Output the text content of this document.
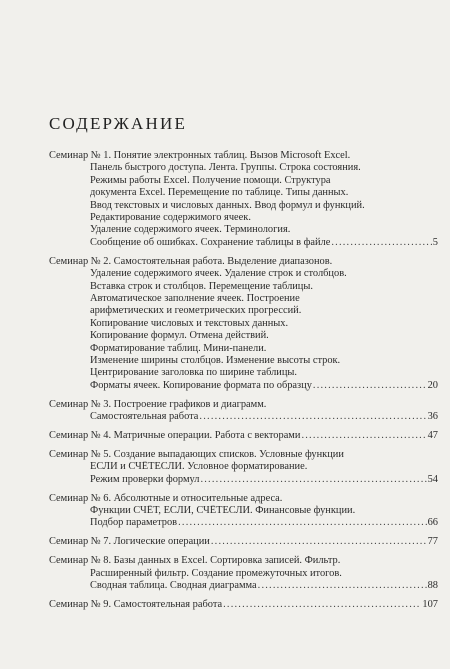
СОДЕРЖАНИЕ
Семинар № 1. Понятие электронных таблиц. Вызов Microsoft Excel.
Панель быстрого доступа. Лента. Группы. Строка состояния.
Режимы работы Excel. Получение помощи. Структура
документа Excel. Перемещение по таблице. Типы данных.
Ввод текстовых и числовых данных. Ввод формул и функций.
Редактирование содержимого ячеек.
Удаление содержимого ячеек. Терминология.
Сообщение об ошибках. Сохранение таблицы в файле .....	5
Семинар № 2. Самостоятельная работа. Выделение диапазонов.
Удаление содержимого ячеек. Удаление строк и столбцов.
Вставка строк и столбцов. Перемещение таблицы.
Автоматическое заполнение ячеек. Построение
арифметических и геометрических прогрессий.
Копирование числовых и текстовых данных.
Копирование формул. Отмена действий.
Форматирование таблиц. Мини-панели.
Изменение ширины столбцов. Изменение высоты строк.
Центрирование заголовка по ширине таблицы.
Форматы ячеек. Копирование формата по образцу .....	20
Семинар № 3. Построение графиков и диаграмм.
Самостоятельная работа .....	36
Семинар № 4. Матричные операции. Работа с векторами .....	47
Семинар № 5. Создание выпадающих списков. Условные функции
ЕСЛИ и СЧЁТЕСЛИ. Условное форматирование.
Режим проверки формул .....	54
Семинар № 6. Абсолютные и относительные адреса.
Функции СЧЁТ, ЕСЛИ, СЧЁТЕСЛИ. Финансовые функции.
Подбор параметров .....	66
Семинар № 7. Логические операции .....	77
Семинар № 8. Базы данных в Excel. Сортировка записей. Фильтр.
Расширенный фильтр. Создание промежуточных итогов.
Сводная таблица. Сводная диаграмма .....	88
Семинар № 9. Самостоятельная работа .....	107
